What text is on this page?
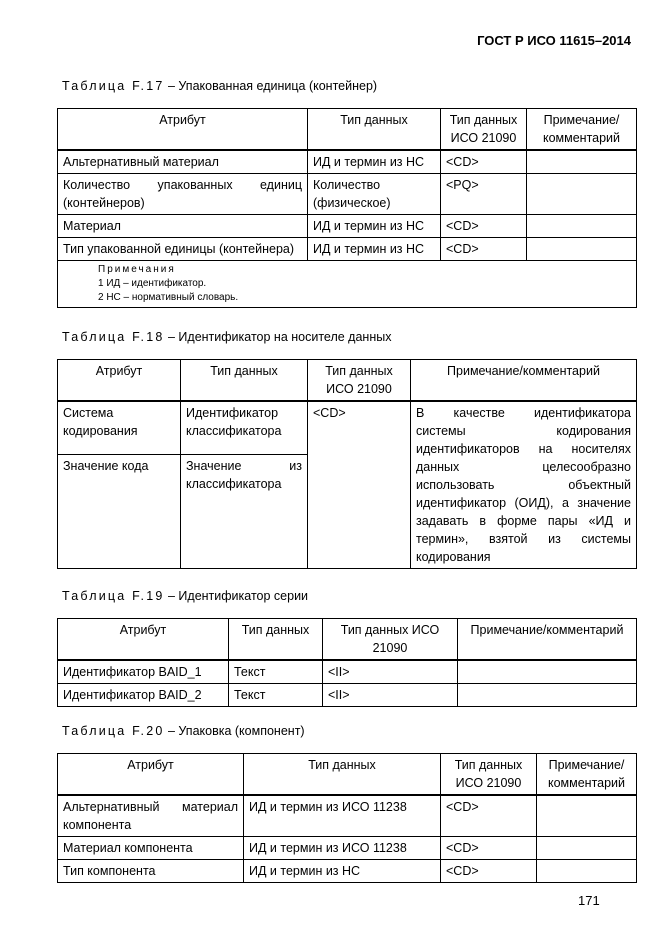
ГОСТ Р ИСО 11615–2014
Таблица F.17 – Упакованная единица (контейнер)
Атрибут	Тип данных	Тип данных ИСО 21090	Примечание/ комментарий
Альтернативный материал	ИД и термин из НС	<CD>	
Количество упакованных единиц (контейнеров)	Количество (физическое)	<PQ>	
Материал	ИД и термин из НС	<CD>	
Тип упакованной единицы (контейнера)	ИД и термин из НС	<CD>	

Примечания
1 ИД – идентификатор.
2 НС – нормативный словарь.			
Таблица F.18 – Идентификатор на носителе данных
Атрибут	Тип данных	Тип данных ИСО 21090	Примечание/комментарий
Система кодирования	Идентификатор классификатора	<CD>	В качестве идентификатора системы кодирования идентификаторов на носителях данных целесообразно использовать объектный идентификатор (ОИД), а значение задавать в форме пары «ИД и термин», взятой из системы кодирования
Значение кода	Значение из классификатора		
Таблица F.19 – Идентификатор серии
Атрибут	Тип данных	Тип данных ИСО 21090	Примечание/комментарий
Идентификатор BAID_1	Текст	<II>	
Идентификатор BAID_2	Текст	<II>	
Таблица F.20 – Упаковка (компонент)
Атрибут	Тип данных	Тип данных ИСО 21090	Примечание/ комментарий
Альтернативный материал компонента	ИД и термин из ИСО 11238	<CD>	
Материал компонента	ИД и термин из ИСО 11238	<CD>	
Тип компонента	ИД и термин из НС	<CD>	
171
